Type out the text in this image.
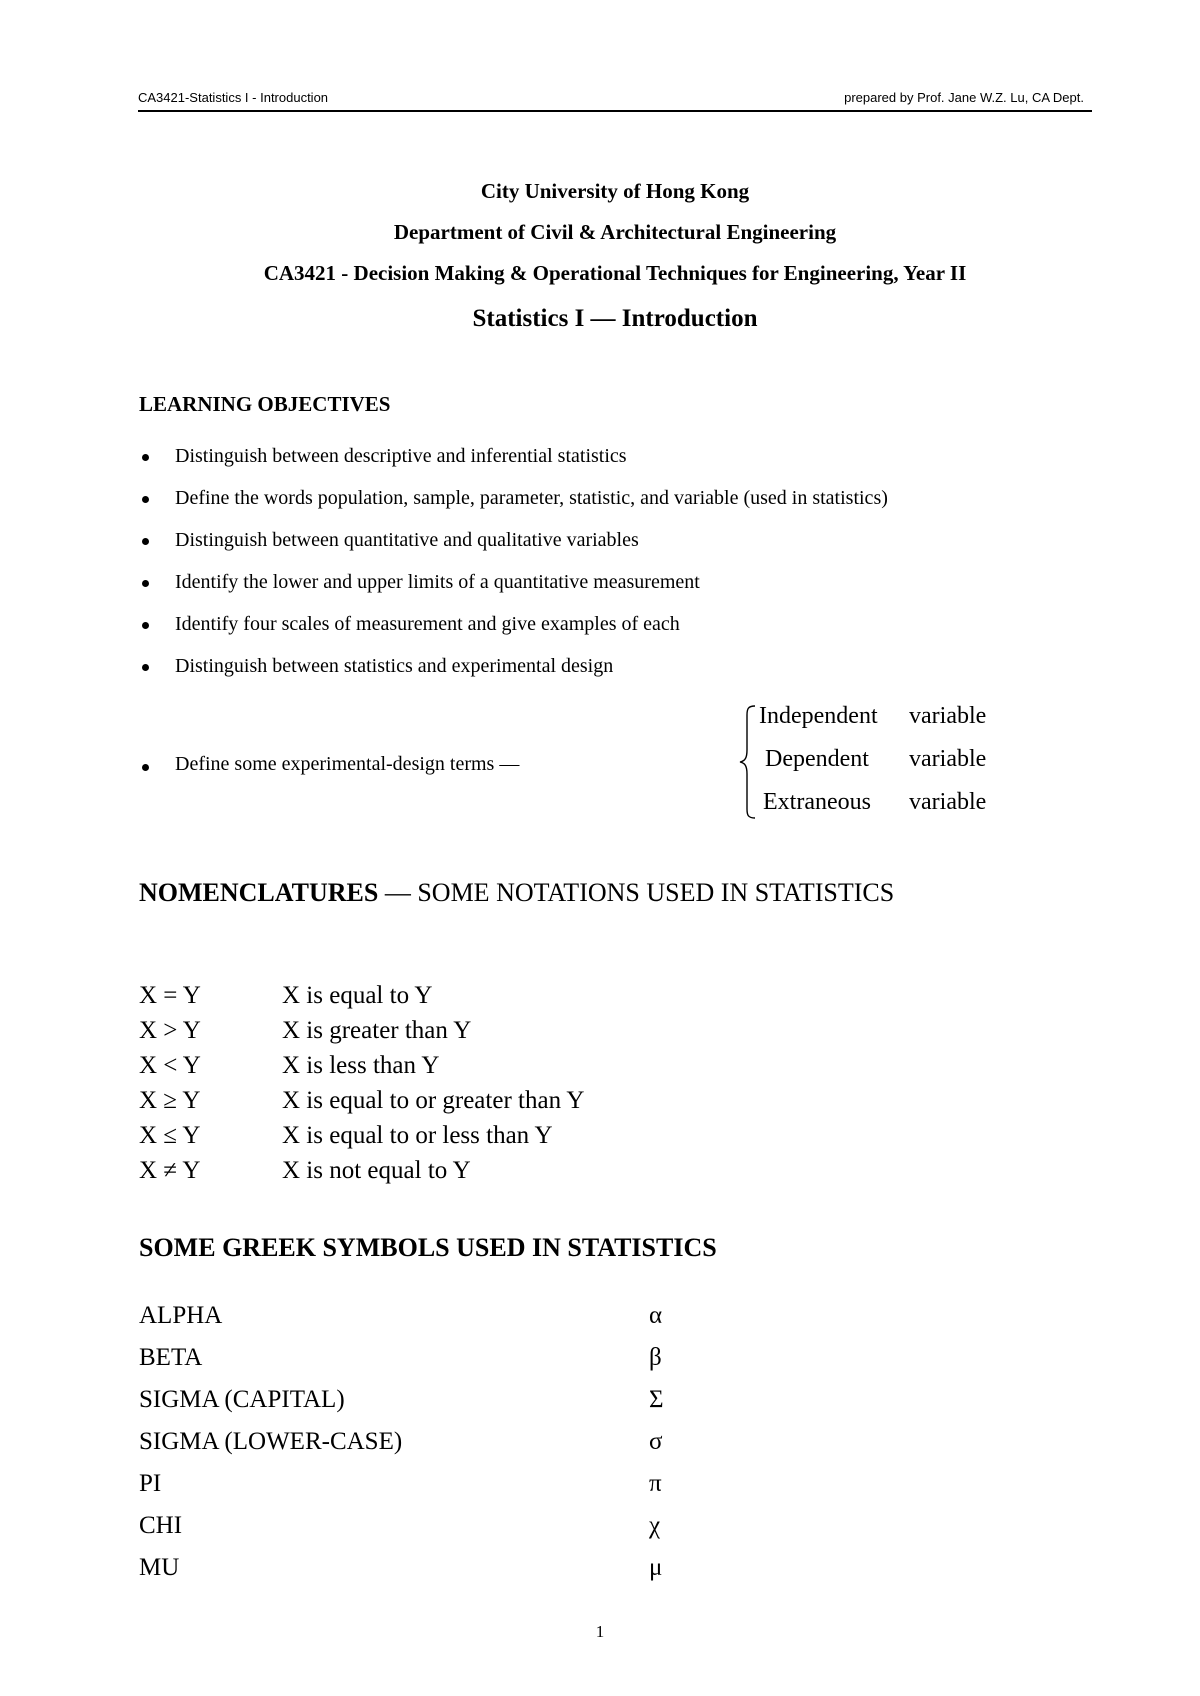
CA3421-Statistics I - Introduction	prepared by Prof. Jane W.Z. Lu, CA Dept.
City University of Hong Kong
Department of Civil & Architectural Engineering
CA3421 - Decision Making & Operational Techniques for Engineering, Year II
Statistics I — Introduction
LEARNING OBJECTIVES
Distinguish between descriptive and inferential statistics
Define the words population, sample, parameter, statistic, and variable (used in statistics)
Distinguish between quantitative and qualitative variables
Identify the lower and upper limits of a quantitative measurement
Identify four scales of measurement and give examples of each
Distinguish between statistics and experimental design
Define some experimental-design terms —
Independent variable
Dependent variable
Extraneous variable
NOMENCLATURES — SOME NOTATIONS USED IN STATISTICS
X = Y	X is equal to Y
X > Y	X is greater than Y
X < Y	X is less than Y
X ≥ Y	X is equal to or greater than Y
X ≤ Y	X is equal to or less than Y
X ≠ Y	X is not equal to Y
SOME GREEK SYMBOLS USED IN STATISTICS
ALPHA	α
BETA	β
SIGMA (CAPITAL)	Σ
SIGMA (LOWER-CASE)	σ
PI	π
CHI	χ
MU	μ
1
